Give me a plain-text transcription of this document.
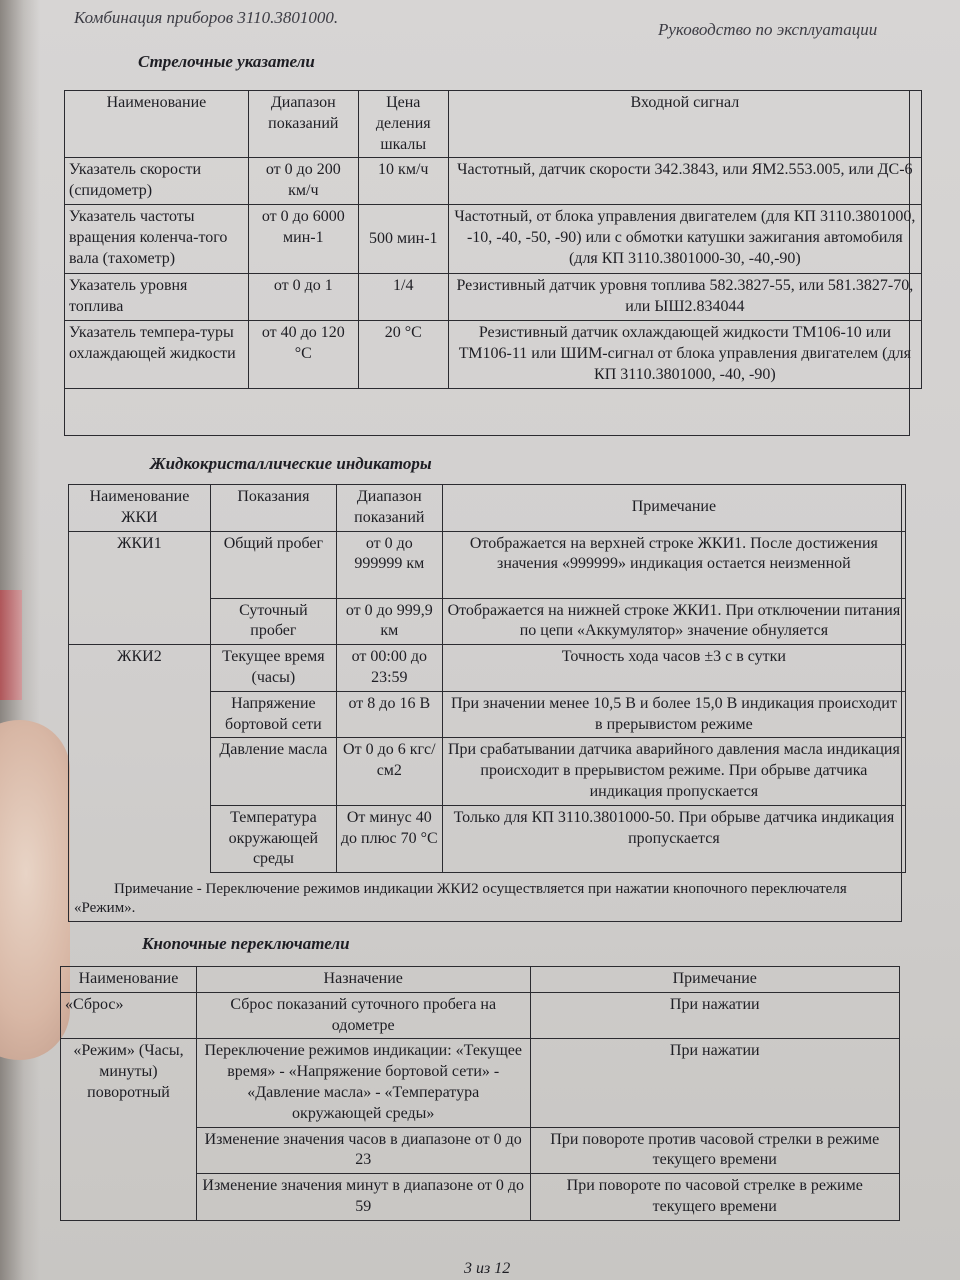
Комбинация приборов 3110.3801000.
Руководство по эксплуатации
Стрелочные указатели
Наименование	Диапазон показаний	Цена деления шкалы	Входной сигнал
Указатель скорости (спидометр)	от 0 до 200 км/ч	10 км/ч	Частотный, датчик скорости 342.3843, или ЯМ2.553.005, или ДС-6
Указатель частоты вращения коленча-того вала (тахометр)	от 0 до 6000 мин-1	500 мин-1	Частотный, от блока управления двигателем (для КП 3110.3801000, -10, -40, -50, -90) или с обмотки катушки зажигания автомобиля (для КП 3110.3801000-30, -40,-90)
Указатель уровня топлива	от 0 до 1	1/4	Резистивный датчик уровня топлива 582.3827-55, или 581.3827-70, или ЫШ2.834044
Указатель темпера-туры охлаждающей жидкости	от 40 до 120 °С	20 °С	Резистивный датчик охлаждающей жидкости ТМ106-10 или ТМ106-11 или ШИМ-сигнал от блока управления двигателем (для КП 3110.3801000, -40, -90)
Жидкокристаллические индикаторы
Наименование ЖКИ	Показания	Диапазон показаний	Примечание
ЖКИ1	Общий пробег	от 0 до 999999 км	Отображается на верхней строке ЖКИ1. После достижения значения «999999» индикация остается неизменной
	Суточный пробег	от 0 до 999,9 км	Отображается на нижней строке ЖКИ1. При отключении питания по цепи «Аккумулятор» значение обнуляется
ЖКИ2	Текущее время (часы)	от 00:00 до 23:59	Точность хода часов ±3 с в сутки
	Напряжение бортовой сети	от 8 до 16 В	При значении менее 10,5 В и более 15,0 В индикация происходит в прерывистом режиме
	Давление масла	От 0 до 6 кгс/см2	При срабатывании датчика аварийного давления масла индикация происходит в прерывистом режиме. При обрыве датчика индикация пропускается
	Температура окружающей среды	От минус 40 до плюс 70 °С	Только для КП 3110.3801000-50. При обрыве датчика индикация пропускается
Примечание - Переключение режимов индикации ЖКИ2 осуществляется при нажатии кнопочного переключателя «Режим».
Кнопочные переключатели
Наименование	Назначение	Примечание
«Сброс»	Сброс показаний суточного пробега на одометре	При нажатии
«Режим» (Часы, минуты) поворотный	Переключение режимов индикации: «Текущее время» - «Напряжение бортовой сети» - «Давление масла» - «Температура окружающей среды»	При нажатии
	Изменение значения часов в диапазоне от 0 до 23	При повороте против часовой стрелки в режиме текущего времени
	Изменение значения минут в диапазоне от 0 до 59	При повороте по часовой стрелке в режиме текущего времени
3 из 12
